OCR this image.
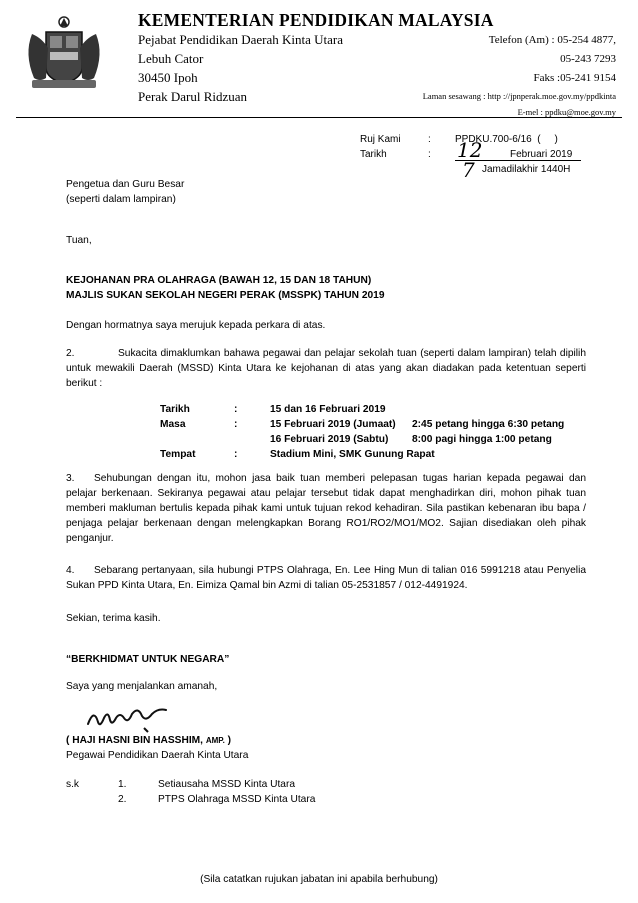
KEMENTERIAN PENDIDIKAN MALAYSIA
Pejabat Pendidikan Daerah Kinta Utara
Lebuh Cator
30450 Ipoh
Perak Darul Ridzuan
Telefon (Am) : 05-254 4877,
05-243 7293
Faks :05-241 9154
Laman sesawang : http ://jpnperak.moe.gov.my/ppdkinta
E-mel : ppdku@moe.gov.my
Ruj Kami	: PPDKU.700-6/16  (     )
Tarikh	: 12	Februari 2019
7 Jamadilakhir 1440H
Pengetua dan Guru Besar
(seperti dalam lampiran)
Tuan,
KEJOHANAN PRA OLAHRAGA (BAWAH 12, 15 DAN 18 TAHUN)
MAJLIS SUKAN SEKOLAH NEGERI PERAK (MSSPK) TAHUN 2019
Dengan hormatnya saya merujuk kepada perkara di atas.
2.	Sukacita dimaklumkan bahawa pegawai dan pelajar sekolah tuan (seperti dalam lampiran) telah dipilih untuk mewakili Daerah (MSSD) Kinta Utara ke kejohanan di atas yang akan diadakan pada ketentuan seperti berikut :
Tarikh	:	15 dan 16 Februari 2019	
Masa	:	15 Februari 2019 (Jumaat)	2:45 petang hingga 6:30 petang
		16 Februari 2019 (Sabtu)	8:00 pagi hingga 1:00 petang
Tempat	:	Stadium Mini, SMK Gunung Rapat	
3.	Sehubungan dengan itu, mohon jasa baik tuan memberi pelepasan tugas harian kepada pegawai dan pelajar berkenaan. Sekiranya pegawai atau pelajar tersebut tidak dapat menghadirkan diri, mohon pihak tuan memberi makluman bertulis kepada pihak kami untuk tujuan rekod kehadiran. Sila pastikan kebenaran ibu bapa / penjaga pelajar berkenaan dengan melengkapkan Borang RO1/RO2/MO1/MO2. Sajian disediakan oleh pihak penganjur.
4.	Sebarang pertanyaan, sila hubungi PTPS Olahraga, En. Lee Hing Mun di talian 016 5991218 atau Penyelia Sukan PPD Kinta Utara, En. Eimiza Qamal bin Azmi di talian 05-2531857 / 012-4491924.
Sekian, terima kasih.
“BERKHIDMAT UNTUK NEGARA”
Saya yang menjalankan amanah,
( HAJI HASNI BIN HASSHIM, AMP. )
Pegawai Pendidikan Daerah Kinta Utara
s.k	1.	Setiausaha MSSD Kinta Utara
2.	PTPS Olahraga MSSD Kinta Utara
(Sila catatkan rujukan jabatan ini apabila berhubung)
